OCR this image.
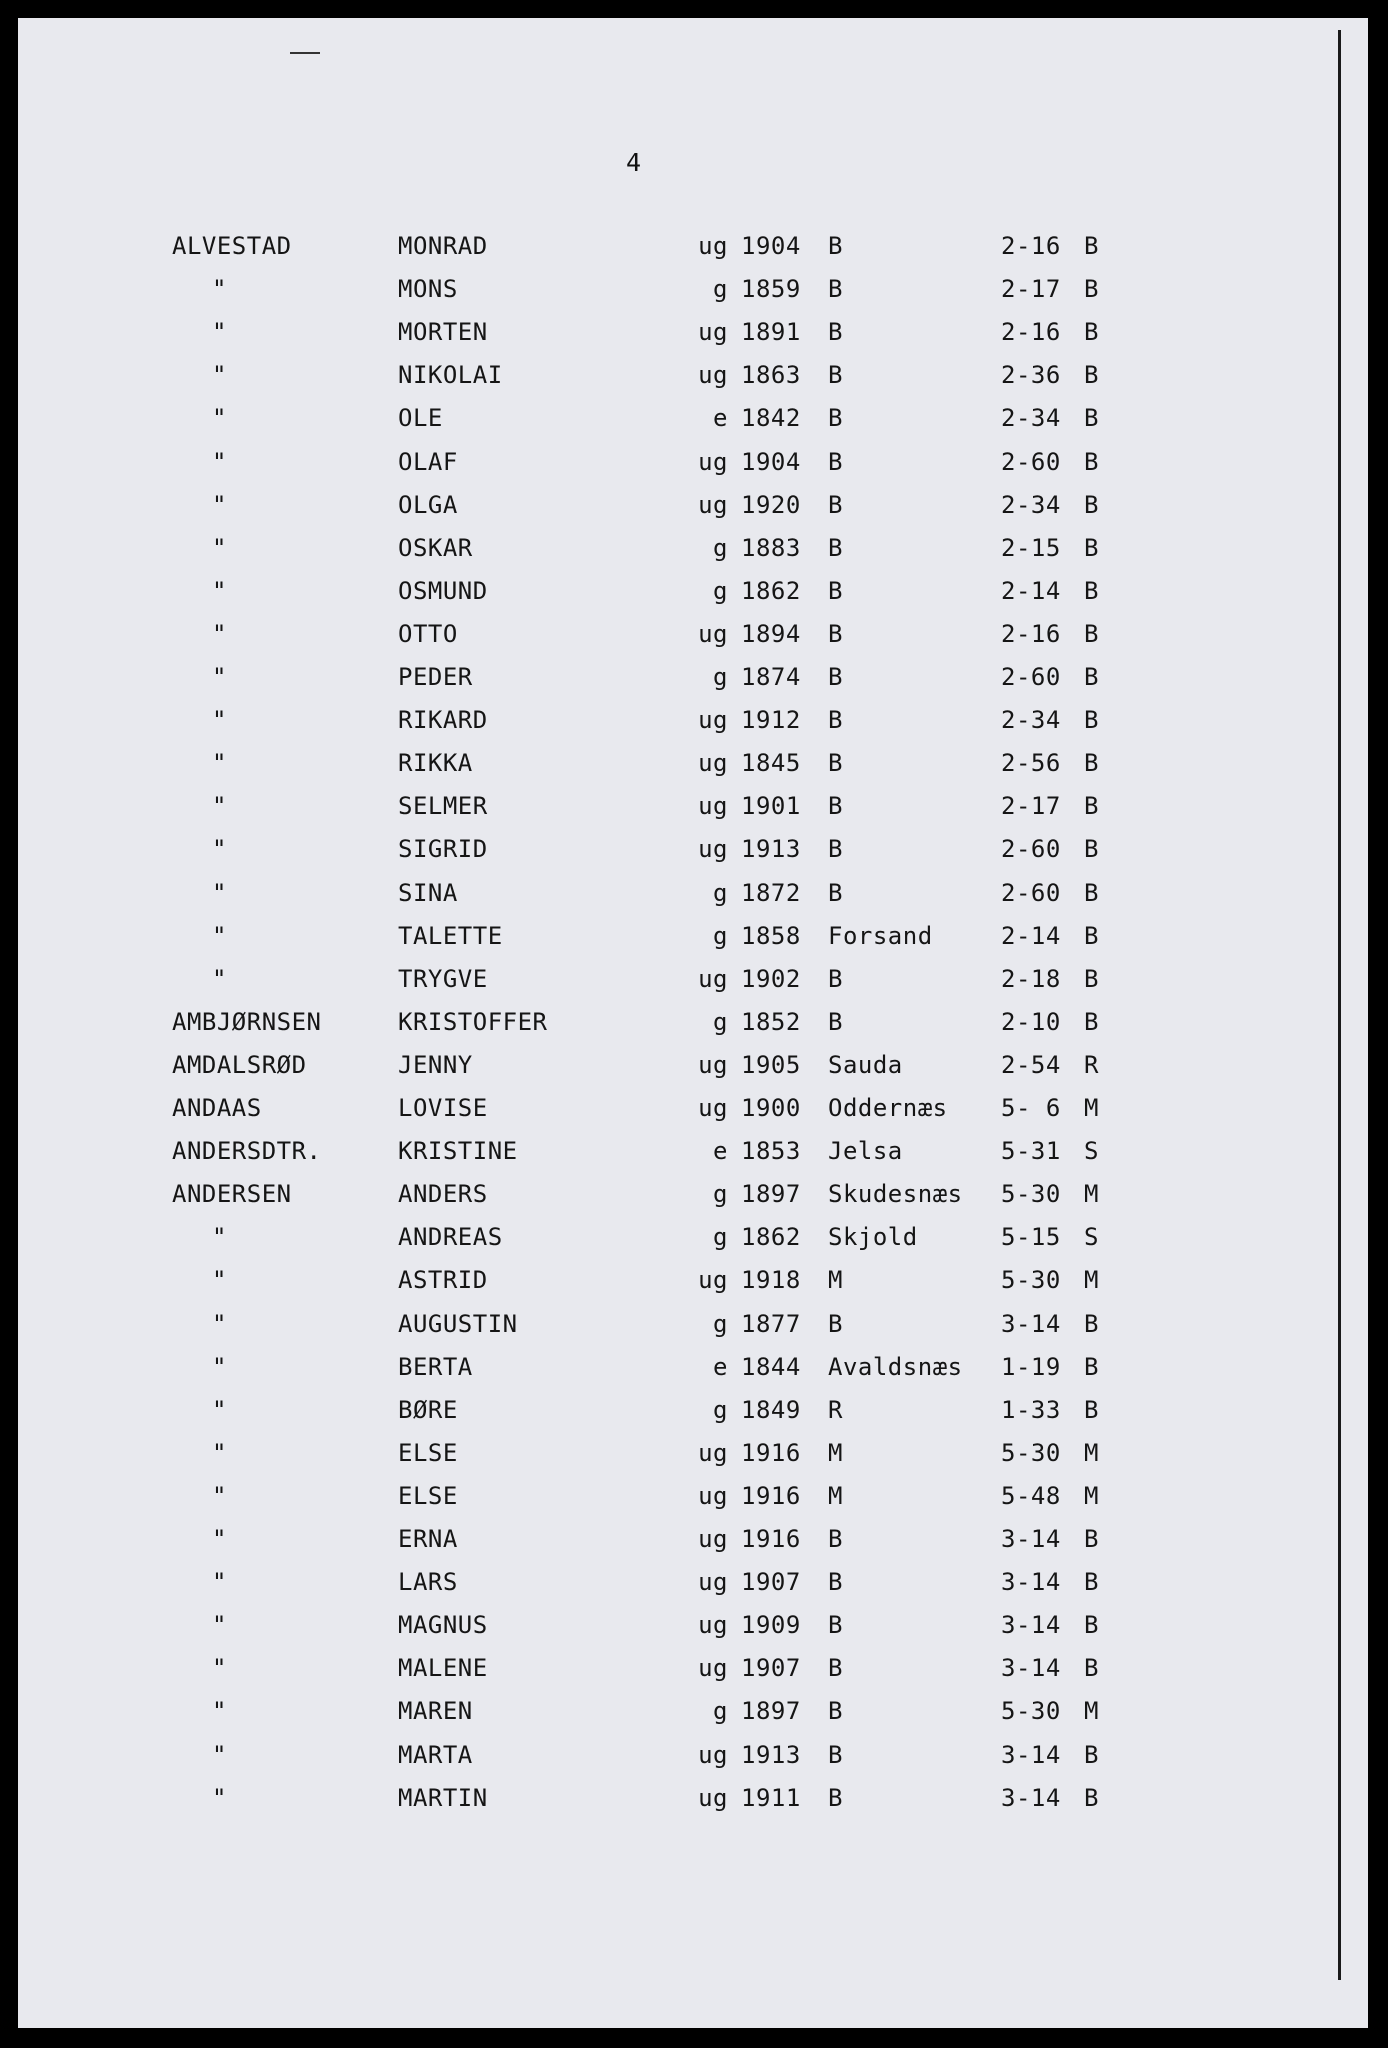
4
ALVESTAD	MONRAD	ug 1904 B	2-16 B
"	MONS	g 1859 B	2-17 B
"	MORTEN	ug 1891 B	2-16 B
"	NIKOLAI	ug 1863 B	2-36 B
"	OLE	e 1842 B	2-34 B
"	OLAF	ug 1904 B	2-60 B
"	OLGA	ug 1920 B	2-34 B
"	OSKAR	g 1883 B	2-15 B
"	OSMUND	g 1862 B	2-14 B
"	OTTO	ug 1894 B	2-16 B
"	PEDER	g 1874 B	2-60 B
"	RIKARD	ug 1912 B	2-34 B
"	RIKKA	ug 1845 B	2-56 B
"	SELMER	ug 1901 B	2-17 B
"	SIGRID	ug 1913 B	2-60 B
"	SINA	g 1872 B	2-60 B
"	TALETTE	g 1858 Forsand	2-14 B
"	TRYGVE	ug 1902 B	2-18 B
AMBJØRNSEN	KRISTOFFER	g 1852 B	2-10 B
AMDALSRØD	JENNY	ug 1905 Sauda	2-54 R
ANDAAS	LOVISE	ug 1900 Oddernæs 5- 6 M
ANDERSDTR.	KRISTINE	e 1853 Jelsa	5-31 S
ANDERSEN	ANDERS	g 1897 Skudesnæs 5-30 M
"	ANDREAS	g 1862 Skjold	5-15 S
"	ASTRID	ug 1918 M	5-30 M
"	AUGUSTIN	g 1877 B	3-14 B
"	BERTA	e 1844 Avaldsnæs 1-19 B
"	BØRE	g 1849 R	1-33 B
"	ELSE	ug 1916 M	5-30 M
"	ELSE	ug 1916 M	5-48 M
"	ERNA	ug 1916 B	3-14 B
"	LARS	ug 1907 B	3-14 B
"	MAGNUS	ug 1909 B	3-14 B
"	MALENE	ug 1907 B	3-14 B
"	MAREN	g 1897 B	5-30 M
"	MARTA	ug 1913 B	3-14 B
"	MARTIN	ug 1911 B	3-14 B
